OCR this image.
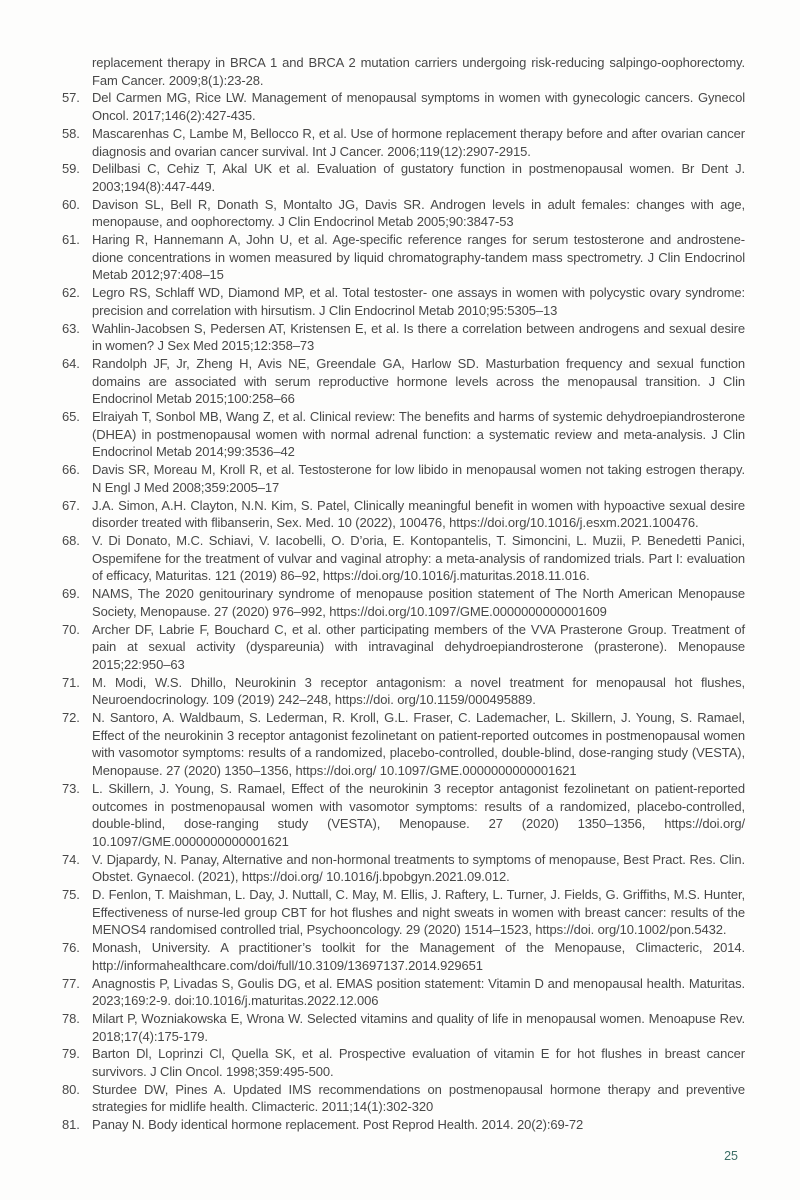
replacement therapy in BRCA 1 and BRCA 2 mutation carriers undergoing risk-reducing salpingo-oophorectomy. Fam Cancer. 2009;8(1):23-28.

57. Del Carmen MG, Rice LW. Management of menopausal symptoms in women with gynecologic cancers. Gynecol Oncol. 2017;146(2):427-435.

58. Mascarenhas C, Lambe M, Bellocco R, et al. Use of hormone replacement therapy before and after ovarian cancer diagnosis and ovarian cancer survival. Int J Cancer. 2006;119(12):2907-2915.

59. Delilbasi C, Cehiz T, Akal UK et al. Evaluation of gustatory function in postmenopausal women. Br Dent J. 2003;194(8):447-449.

60. Davison SL, Bell R, Donath S, Montalto JG, Davis SR. Androgen levels in adult females: changes with age, menopause, and oophorectomy. J Clin Endocrinol Metab 2005;90:3847-53

61. Haring R, Hannemann A, John U, et al. Age-specific reference ranges for serum testosterone and androstene- dione concentrations in women measured by liquid chromatography-tandem mass spectrometry. J Clin Endocrinol Metab 2012;97:408–15

62. Legro RS, Schlaff WD, Diamond MP, et al. Total testoster- one assays in women with polycystic ovary syndrome: precision and correlation with hirsutism. J Clin Endocrinol Metab 2010;95:5305–13

63. Wahlin-Jacobsen S, Pedersen AT, Kristensen E, et al. Is there a correlation between androgens and sexual desire in women? J Sex Med 2015;12:358–73

64. Randolph JF, Jr, Zheng H, Avis NE, Greendale GA, Harlow SD. Masturbation frequency and sexual function domains are associated with serum reproductive hormone levels across the menopausal transition. J Clin Endocrinol Metab 2015;100:258–66

65. Elraiyah T, Sonbol MB, Wang Z, et al. Clinical review: The benefits and harms of systemic dehydroepiandrosterone (DHEA) in postmenopausal women with normal adrenal function: a systematic review and meta-analysis. J Clin Endocrinol Metab 2014;99:3536–42

66. Davis SR, Moreau M, Kroll R, et al. Testosterone for low libido in menopausal women not taking estrogen therapy. N Engl J Med 2008;359:2005–17

67. J.A. Simon, A.H. Clayton, N.N. Kim, S. Patel, Clinically meaningful benefit in women with hypoactive sexual desire disorder treated with flibanserin, Sex. Med. 10 (2022), 100476, https://doi.org/10.1016/j.esxm.2021.100476.

68. V. Di Donato, M.C. Schiavi, V. Iacobelli, O. D’oria, E. Kontopantelis, T. Simoncini, L. Muzii, P. Benedetti Panici, Ospemifene for the treatment of vulvar and vaginal atrophy: a meta-analysis of randomized trials. Part I: evaluation of efficacy, Maturitas. 121 (2019) 86–92, https://doi.org/10.1016/j.maturitas.2018.11.016.

69. NAMS, The 2020 genitourinary syndrome of menopause position statement of The North American Menopause Society, Menopause. 27 (2020) 976–992, https://doi.org/10.1097/GME.0000000000001609

70. Archer DF, Labrie F, Bouchard C, et al. other participating members of the VVA Prasterone Group. Treatment of pain at sexual activity (dyspareunia) with intravaginal dehydroepiandrosterone (prasterone). Menopause 2015;22:950–63

71. M. Modi, W.S. Dhillo, Neurokinin 3 receptor antagonism: a novel treatment for menopausal hot flushes, Neuroendocrinology. 109 (2019) 242–248, https://doi. org/10.1159/000495889.

72. N. Santoro, A. Waldbaum, S. Lederman, R. Kroll, G.L. Fraser, C. Lademacher, L. Skillern, J. Young, S. Ramael, Effect of the neurokinin 3 receptor antagonist fezolinetant on patient-reported outcomes in postmenopausal women with vasomotor symptoms: results of a randomized, placebo-controlled, double-blind, dose-ranging study (VESTA), Menopause. 27 (2020) 1350–1356, https://doi.org/ 10.1097/GME.0000000000001621

73. L. Skillern, J. Young, S. Ramael, Effect of the neurokinin 3 receptor antagonist fezolinetant on patient-reported outcomes in postmenopausal women with vasomotor symptoms: results of a randomized, placebo-controlled, double-blind, dose-ranging study (VESTA), Menopause. 27 (2020) 1350–1356, https://doi.org/ 10.1097/GME.0000000000001621

74. V. Djapardy, N. Panay, Alternative and non-hormonal treatments to symptoms of menopause, Best Pract. Res. Clin. Obstet. Gynaecol. (2021), https://doi.org/ 10.1016/j.bpobgyn.2021.09.012.

75. D. Fenlon, T. Maishman, L. Day, J. Nuttall, C. May, M. Ellis, J. Raftery, L. Turner, J. Fields, G. Griffiths, M.S. Hunter, Effectiveness of nurse-led group CBT for hot flushes and night sweats in women with breast cancer: results of the MENOS4 randomised controlled trial, Psychooncology. 29 (2020) 1514–1523, https://doi. org/10.1002/pon.5432.

76. Monash, University. A practitioner’s toolkit for the Management of the Menopause, Climacteric, 2014. http://informahealthcare.com/doi/full/10.3109/13697137.2014.929651

77. Anagnostis P, Livadas S, Goulis DG, et al. EMAS position statement: Vitamin D and menopausal health. Maturitas. 2023;169:2-9. doi:10.1016/j.maturitas.2022.12.006

78. Milart P, Wozniakowska E, Wrona W. Selected vitamins and quality of life in menopausal women. Menoapuse Rev. 2018;17(4):175-179.

79. Barton Dl, Loprinzi Cl, Quella SK, et al. Prospective evaluation of vitamin E for hot flushes in breast cancer survivors. J Clin Oncol. 1998;359:495-500.

80. Sturdee DW, Pines A. Updated IMS recommendations on postmenopausal hormone therapy and preventive strategies for midlife health. Climacteric. 2011;14(1):302-320

81. Panay N. Body identical hormone replacement. Post Reprod Health. 2014. 20(2):69-72

25
